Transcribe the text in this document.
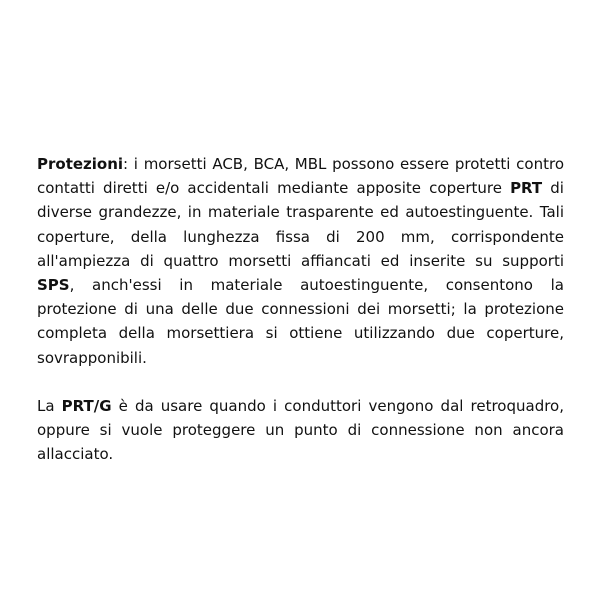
Protezioni: i morsetti ACB, BCA, MBL possono essere protetti contro contatti diretti e/o accidentali mediante apposite coperture PRT di diverse grandezze, in materiale trasparente ed autoestinguente. Tali coperture, della lunghezza fissa di 200 mm, corrispondente all'ampiezza di quattro morsetti affiancati ed inserite su supporti SPS, anch'essi in materiale autoestinguente, consentono la protezione di una delle due connessioni dei morsetti; la protezione completa della morsettiera si ottiene utilizzando due coperture, sovrapponibili.

La PRT/G è da usare quando i conduttori vengono dal retroquadro, oppure si vuole proteggere un punto di connessione non ancora allacciato.
